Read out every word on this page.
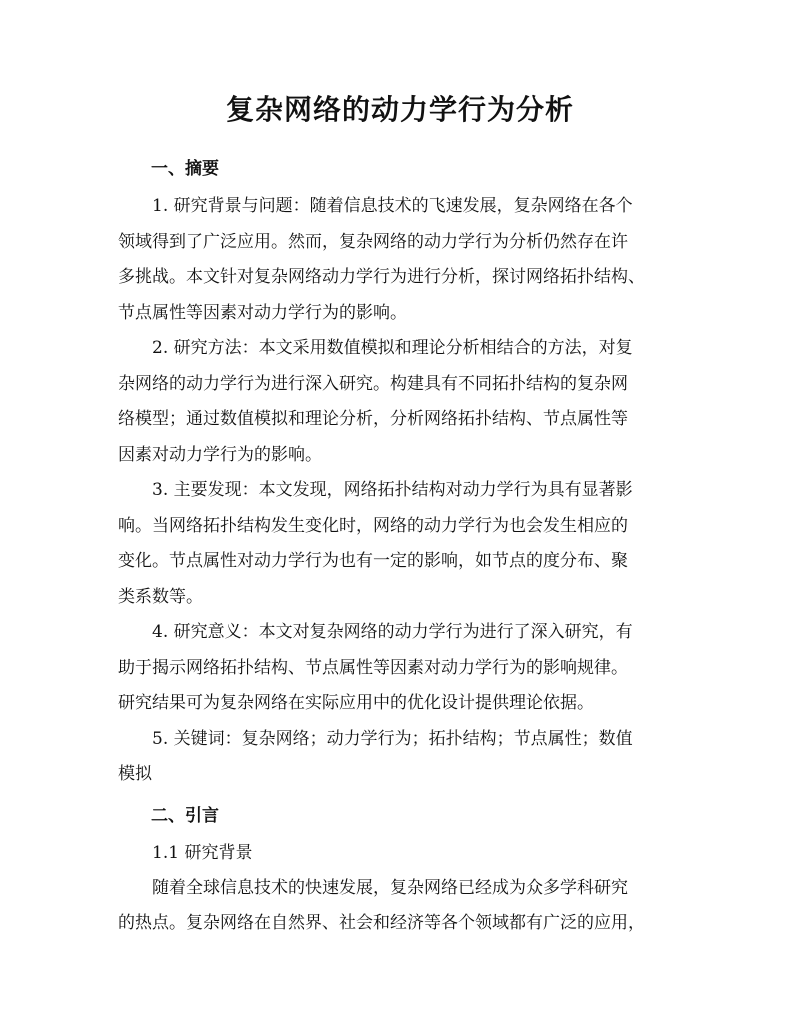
复杂网络的动力学行为分析
一、摘要

1. 研究背景与问题：随着信息技术的飞速发展，复杂网络在各个
领域得到了广泛应用。然而，复杂网络的动力学行为分析仍然存在许
多挑战。本文针对复杂网络动力学行为进行分析，探讨网络拓扑结构、
节点属性等因素对动力学行为的影响。

2. 研究方法：本文采用数值模拟和理论分析相结合的方法，对复
杂网络的动力学行为进行深入研究。构建具有不同拓扑结构的复杂网
络模型；通过数值模拟和理论分析，分析网络拓扑结构、节点属性等
因素对动力学行为的影响。

3. 主要发现：本文发现，网络拓扑结构对动力学行为具有显著影
响。当网络拓扑结构发生变化时，网络的动力学行为也会发生相应的
变化。节点属性对动力学行为也有一定的影响，如节点的度分布、聚
类系数等。

4. 研究意义：本文对复杂网络的动力学行为进行了深入研究，有
助于揭示网络拓扑结构、节点属性等因素对动力学行为的影响规律。
研究结果可为复杂网络在实际应用中的优化设计提供理论依据。

5. 关键词：复杂网络；动力学行为；拓扑结构；节点属性；数值
模拟

二、引言

1.1 研究背景

随着全球信息技术的快速发展，复杂网络已经成为众多学科研究
的热点。复杂网络在自然界、社会和经济等各个领域都有广泛的应用，
